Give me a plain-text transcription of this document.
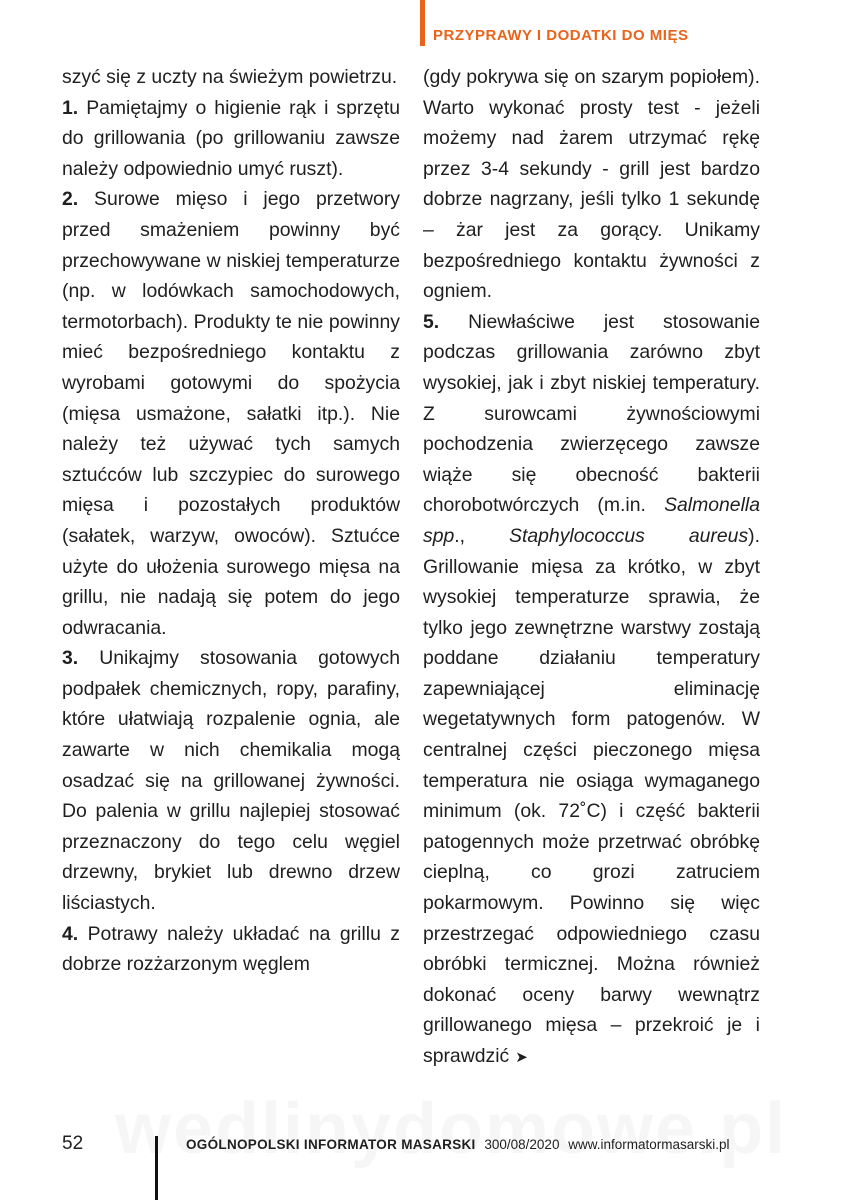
PRZYPRAWY I DODATKI DO MIĘS

szyć się z uczty na świeżym powietrzu.

1. Pamiętajmy o higienie rąk i sprzętu do grillowania (po grillowaniu zawsze należy odpowiednio umyć ruszt).

2. Surowe mięso i jego przetwory przed smażeniem powinny być przechowywane w niskiej temperaturze (np. w lodówkach samochodowych, termotorbach). Produkty te nie powinny mieć bezpośredniego kontaktu z wyrobami gotowymi do spożycia (mięsa usmażone, sałatki itp.). Nie należy też używać tych samych sztućców lub szczypiec do surowego mięsa i pozostałych produktów (sałatek, warzyw, owoców). Sztućce użyte do ułożenia surowego mięsa na grillu, nie nadają się potem do jego odwracania.

3. Unikajmy stosowania gotowych podpałek chemicznych, ropy, parafiny, które ułatwiają rozpalenie ognia, ale zawarte w nich chemikalia mogą osadzać się na grillowanej żywności. Do palenia w grillu najlepiej stosować przeznaczony do tego celu węgiel drzewny, brykiet lub drewno drzew liściastych.

4. Potrawy należy układać na grillu z dobrze rozżarzonym węglem

(gdy pokrywa się on szarym popiołem). Warto wykonać prosty test - jeżeli możemy nad żarem utrzymać rękę przez 3-4 sekundy - grill jest bardzo dobrze nagrzany, jeśli tylko 1 sekundę – żar jest za gorący. Unikamy bezpośredniego kontaktu żywności z ogniem.

5. Niewłaściwe jest stosowanie podczas grillowania zarówno zbyt wysokiej, jak i zbyt niskiej temperatury. Z surowcami żywnościowymi pochodzenia zwierzęcego zawsze wiąże się obecność bakterii chorobotwórczych (m.in. Salmonella spp., Staphylococcus aureus). Grillowanie mięsa za krótko, w zbyt wysokiej temperaturze sprawia, że tylko jego zewnętrzne warstwy zostają poddane działaniu temperatury zapewniającej eliminację wegetatywnych form patogenów. W centralnej części pieczonego mięsa temperatura nie osiąga wymaganego minimum (ok. 72˚C) i część bakterii patogennych może przetrwać obróbkę cieplną, co grozi zatruciem pokarmowym. Powinno się więc przestrzegać odpowiedniego czasu obróbki termicznej. Można również dokonać oceny barwy wewnątrz grillowanego mięsa – przekroić je i sprawdzić ➤

52	OGÓLNOPOLSKI INFORMATOR MASARSKI 300/08/2020 www.informatormasarski.pl
